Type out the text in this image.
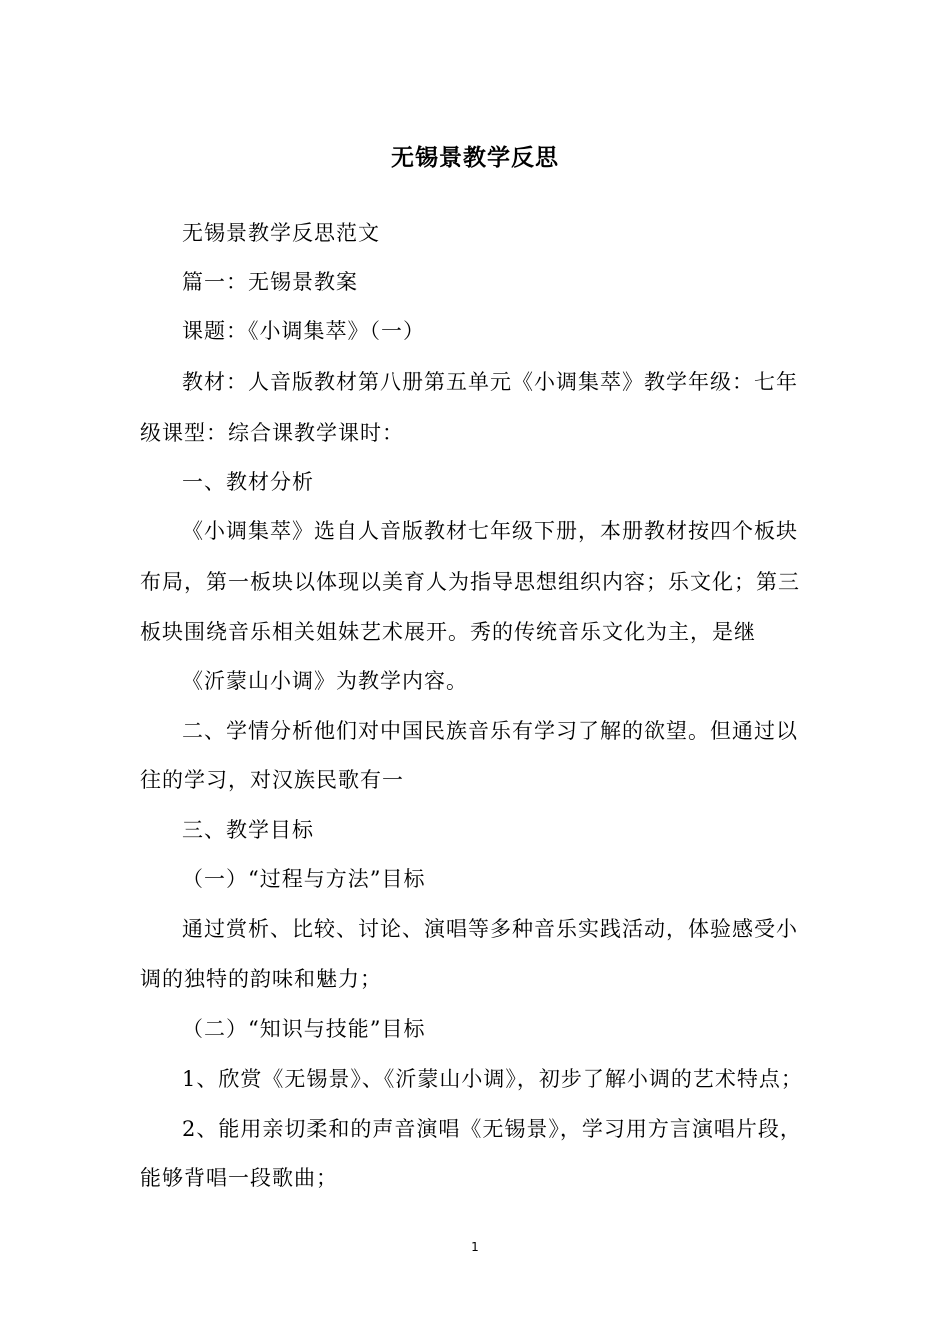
无锡景教学反思
无锡景教学反思范文
篇一：无锡景教案
课题：《小调集萃》（一）
教材：人音版教材第八册第五单元《小调集萃》教学年级：七年
级课型：综合课教学课时：
一、教材分析
《小调集萃》选自人音版教材七年级下册，本册教材按四个板块
布局，第一板块以体现以美育人为指导思想组织内容；乐文化；第三
板块围绕音乐相关姐妹艺术展开。秀的传统音乐文化为主，是继
《沂蒙山小调》为教学内容。
二、学情分析他们对中国民族音乐有学习了解的欲望。但通过以
往的学习，对汉族民歌有一
三、教学目标
（一）“过程与方法”目标
通过赏析、比较、讨论、演唱等多种音乐实践活动，体验感受小
调的独特的韵味和魅力；
（二）“知识与技能”目标
1、欣赏《无锡景》、《沂蒙山小调》，初步了解小调的艺术特点；
2、能用亲切柔和的声音演唱《无锡景》，学习用方言演唱片段，
能够背唱一段歌曲；
1
